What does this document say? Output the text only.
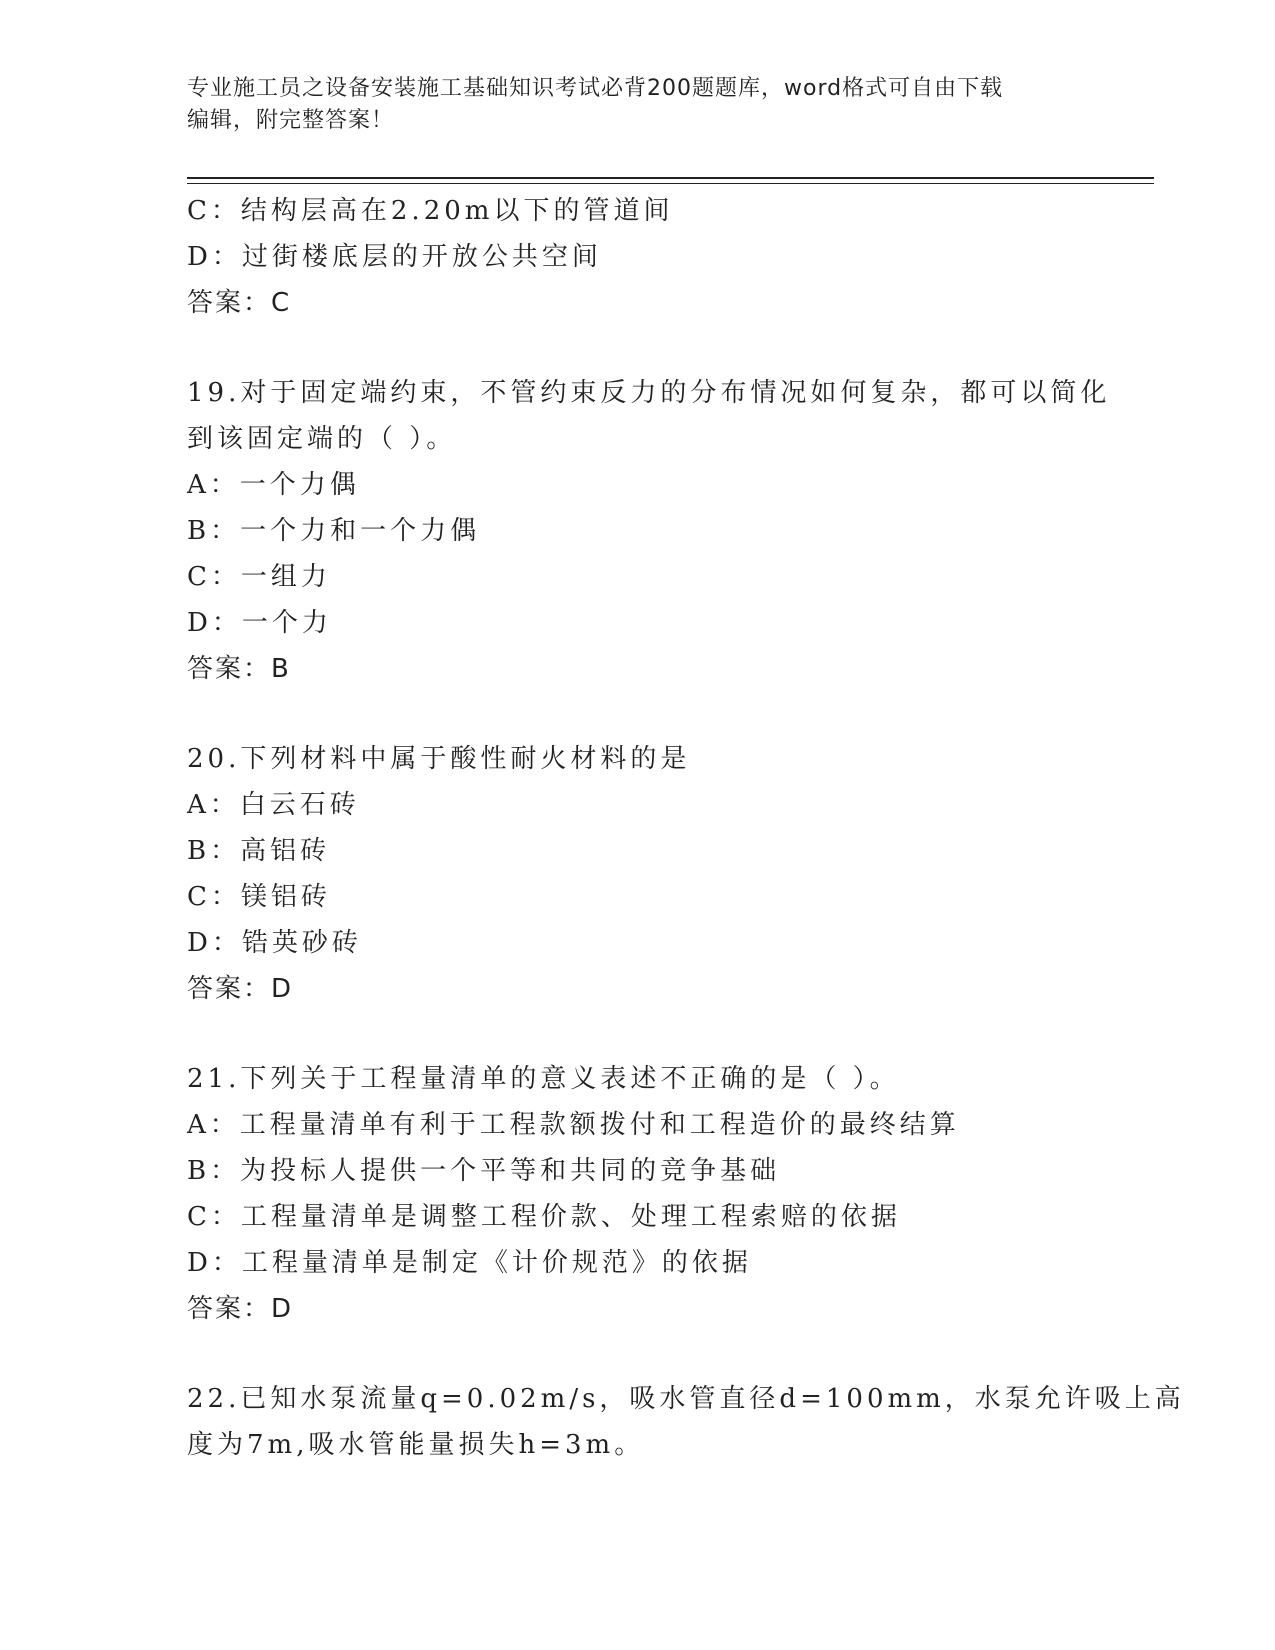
专业施工员之设备安装施工基础知识考试必背200题题库，word格式可自由下载
编辑，附完整答案！
C：结构层高在2.20m以下的管道间
D：过街楼底层的开放公共空间
答案：C
19.对于固定端约束，不管约束反力的分布情况如何复杂，都可以简化
到该固定端的（ ）。
A：一个力偶
B：一个力和一个力偶
C：一组力
D：一个力
答案：B
20.下列材料中属于酸性耐火材料的是
A：白云石砖
B：高铝砖
C：镁铝砖
D：锆英砂砖
答案：D
21.下列关于工程量清单的意义表述不正确的是（ ）。
A：工程量清单有利于工程款额拨付和工程造价的最终结算
B：为投标人提供一个平等和共同的竞争基础
C：工程量清单是调整工程价款、处理工程索赔的依据
D：工程量清单是制定《计价规范》的依据
答案：D
22.已知水泵流量q=0.02m/s，吸水管直径d=100mm，水泵允许吸上高
度为7m,吸水管能量损失h=3m。
